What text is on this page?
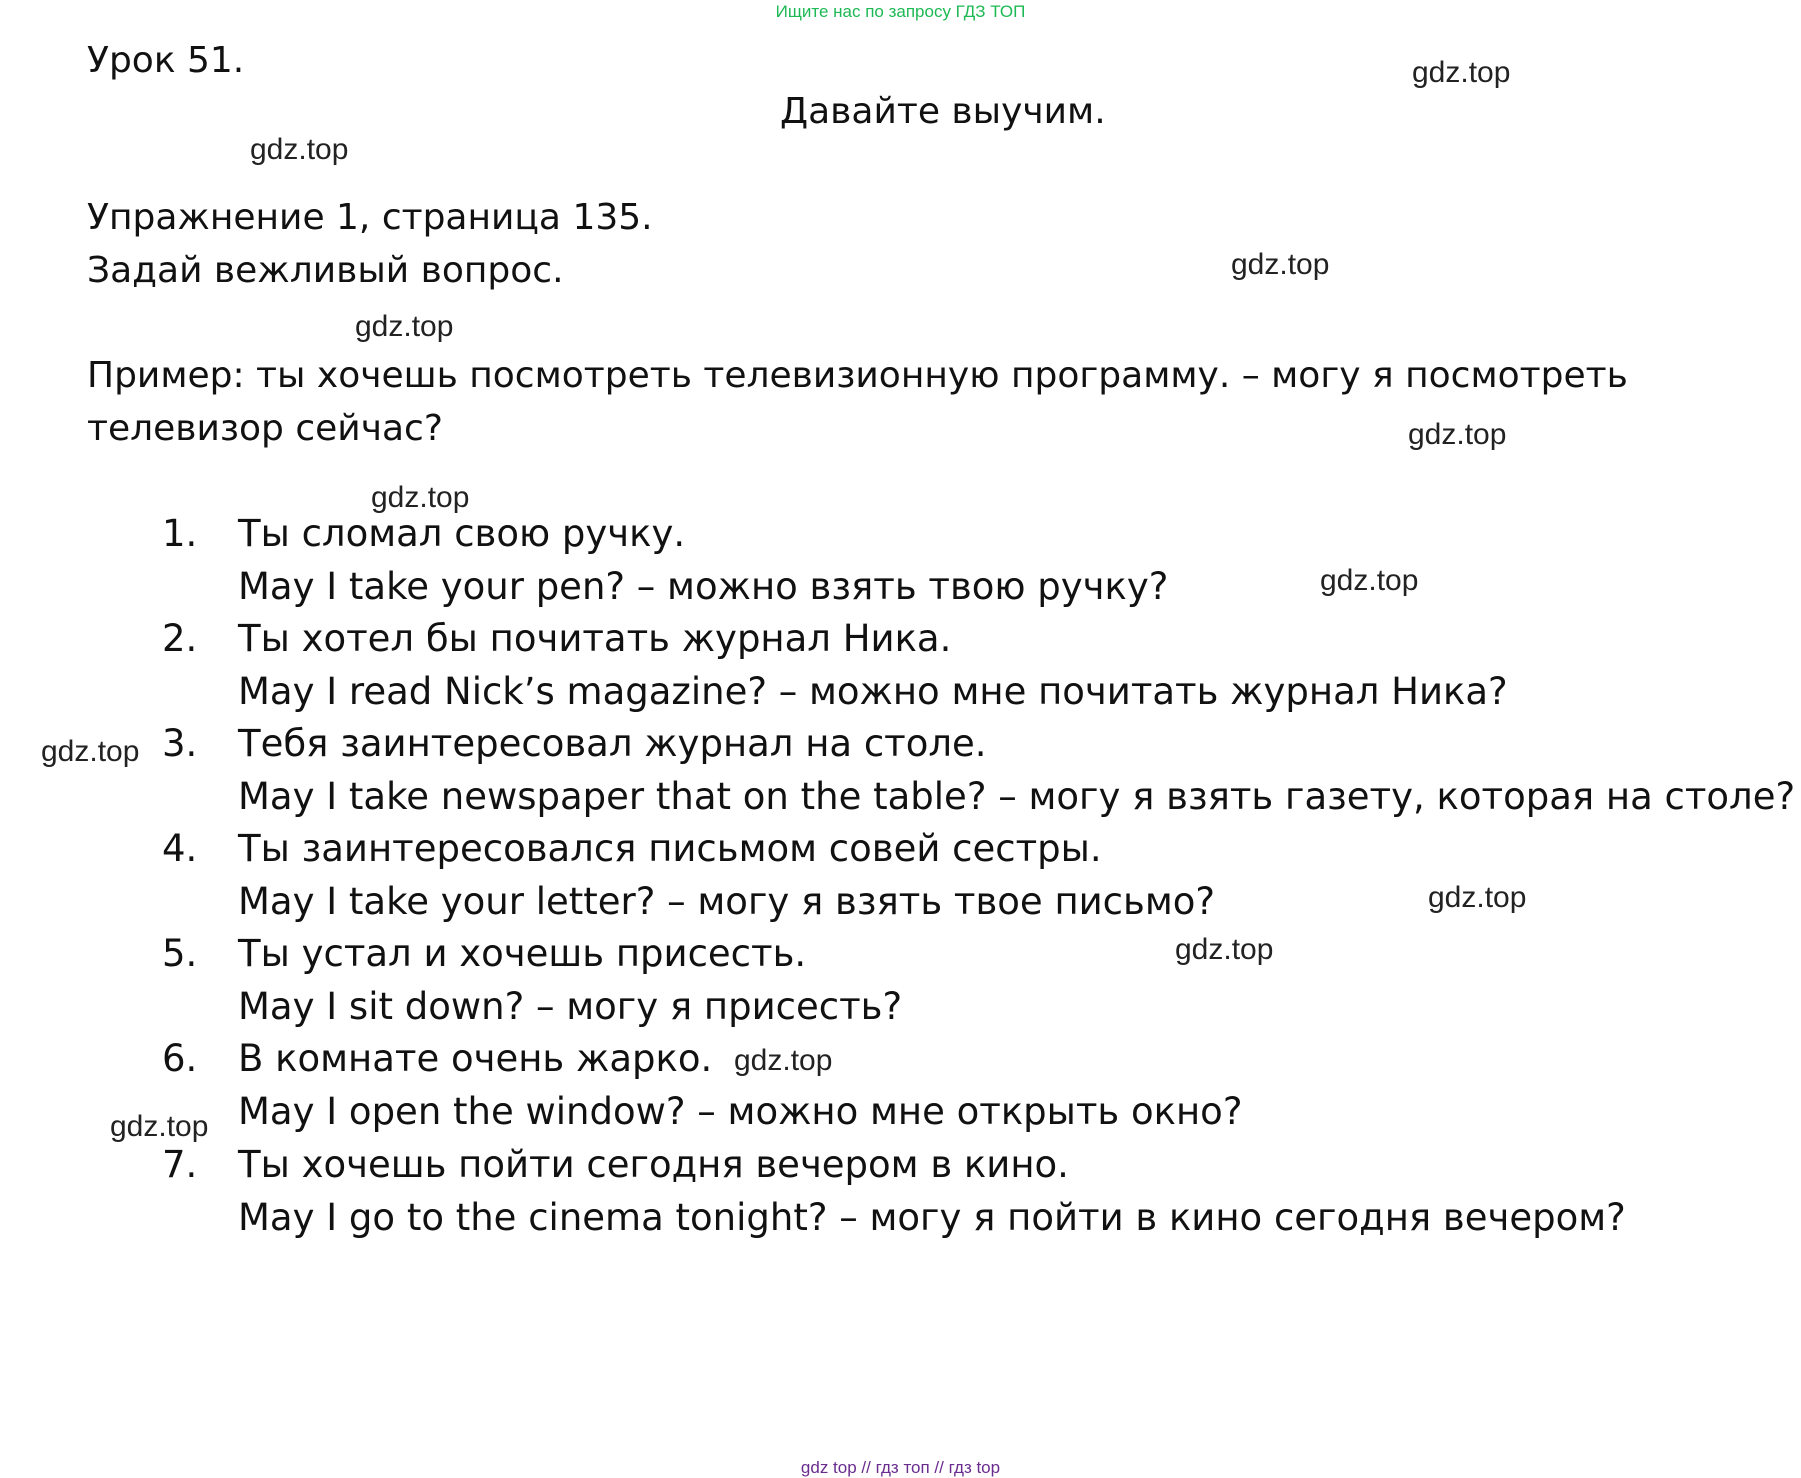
Ищите нас по запросу ГДЗ ТОП
Урок 51.
Давайте выучим.
Упражнение 1, страница 135.
Задай вежливый вопрос.
Пример: ты хочешь посмотреть телевизионную программу. – могу я посмотреть
телевизор сейчас?
1. Ты сломал свою ручку.
May I take your pen? – можно взять твою ручку?
2. Ты хотел бы почитать журнал Ника.
May I read Nick’s magazine? – можно мне почитать журнал Ника?
3. Тебя заинтересовал журнал на столе.
May I take newspaper that on the table? – могу я взять газету, которая на столе?
4. Ты заинтересовался письмом совей сестры.
May I take your letter? – могу я взять твое письмо?
5. Ты устал и хочешь присесть.
May I sit down? – могу я присесть?
6. В комнате очень жарко.
May I open the window? – можно мне открыть окно?
7. Ты хочешь пойти сегодня вечером в кино.
May I go to the cinema tonight? – могу я пойти в кино сегодня вечером?
gdz.top
gdz.top
gdz.top
gdz.top
gdz.top
gdz.top
gdz.top
gdz.top
gdz.top
gdz.top
gdz.top
gdz.top
gdz top // гдз топ // гдз top
